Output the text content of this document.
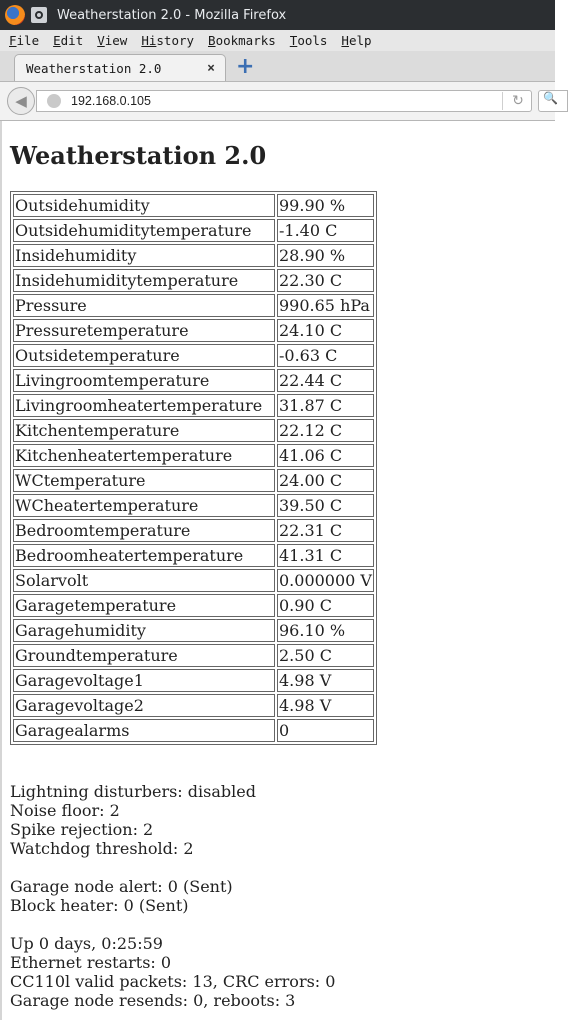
Weatherstation 2.0 - Mozilla Firefox
File	Edit	View	History	Bookmarks	Tools	Help
Weatherstation 2.0	× +
192.168.0.105	↻
◀	🔍
Weatherstation 2.0
Outsidehumidity	99.90 %
Outsidehumiditytemperature	-1.40 C
Insidehumidity	28.90 %
Insidehumiditytemperature	22.30 C
Pressure	990.65 hPa
Pressuretemperature	24.10 C
Outsidetemperature	-0.63 C
Livingroomtemperature	22.44 C
Livingroomheatertemperature	31.87 C
Kitchentemperature	22.12 C
Kitchenheatertemperature	41.06 C
WCtemperature	24.00 C
WCheatertemperature	39.50 C
Bedroomtemperature	22.31 C
Bedroomheatertemperature	41.31 C
Solarvolt	0.000000 V
Garagetemperature	0.90 C
Garagehumidity	96.10 %
Groundtemperature	2.50 C
Garagevoltage1	4.98 V
Garagevoltage2	4.98 V
Garagealarms	0
Lightning disturbers: disabled
Noise floor: 2
Spike rejection: 2
Watchdog threshold: 2
Garage node alert: 0 (Sent)
Block heater: 0 (Sent)
Up 0 days, 0:25:59
Ethernet restarts: 0
CC110l valid packets: 13, CRC errors: 0
Garage node resends: 0, reboots: 3
